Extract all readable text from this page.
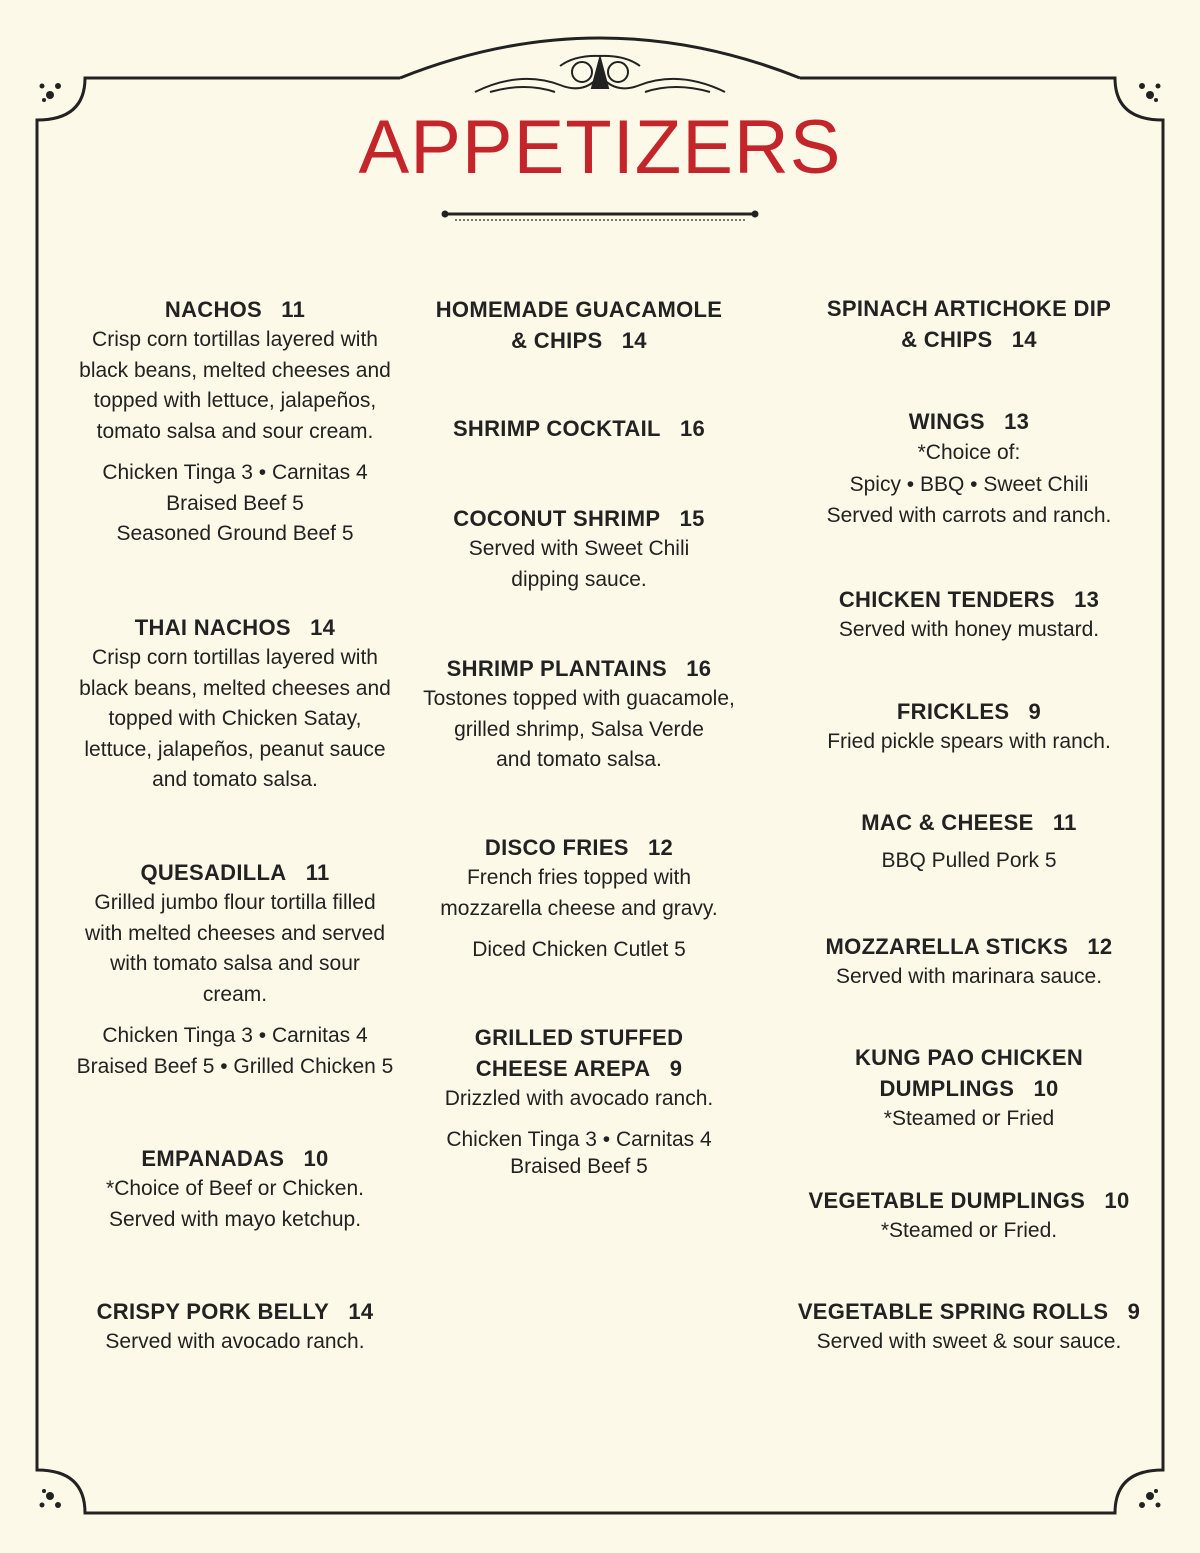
APPETIZERS
NACHOS 11
Crisp corn tortillas layered with
black beans, melted cheeses and
topped with lettuce, jalapeños,
tomato salsa and sour cream.
Chicken Tinga 3 • Carnitas 4
Braised Beef 5
Seasoned Ground Beef 5
THAI NACHOS 14
Crisp corn tortillas layered with
black beans, melted cheeses and
topped with Chicken Satay,
lettuce, jalapeños, peanut sauce
and tomato salsa.
QUESADILLA 11
Grilled jumbo flour tortilla filled
with melted cheeses and served
with tomato salsa and sour
cream.
Chicken Tinga 3 • Carnitas 4
Braised Beef 5 • Grilled Chicken 5
EMPANADAS 10
*Choice of Beef or Chicken.
Served with mayo ketchup.
CRISPY PORK BELLY 14
Served with avocado ranch.
HOMEMADE GUACAMOLE
& CHIPS 14
SHRIMP COCKTAIL 16
COCONUT SHRIMP 15
Served with Sweet Chili
dipping sauce.
SHRIMP PLANTAINS 16
Tostones topped with guacamole,
grilled shrimp, Salsa Verde
and tomato salsa.
DISCO FRIES 12
French fries topped with
mozzarella cheese and gravy.
Diced Chicken Cutlet 5
GRILLED STUFFED
CHEESE AREPA 9
Drizzled with avocado ranch.
Chicken Tinga 3 • Carnitas 4
Braised Beef 5
SPINACH ARTICHOKE DIP
& CHIPS 14
WINGS 13
*Choice of:
Spicy • BBQ • Sweet Chili
Served with carrots and ranch.
CHICKEN TENDERS 13
Served with honey mustard.
FRICKLES 9
Fried pickle spears with ranch.
MAC & CHEESE 11
BBQ Pulled Pork 5
MOZZARELLA STICKS 12
Served with marinara sauce.
KUNG PAO CHICKEN
DUMPLINGS 10
*Steamed or Fried
VEGETABLE DUMPLINGS 10
*Steamed or Fried.
VEGETABLE SPRING ROLLS 9
Served with sweet & sour sauce.
